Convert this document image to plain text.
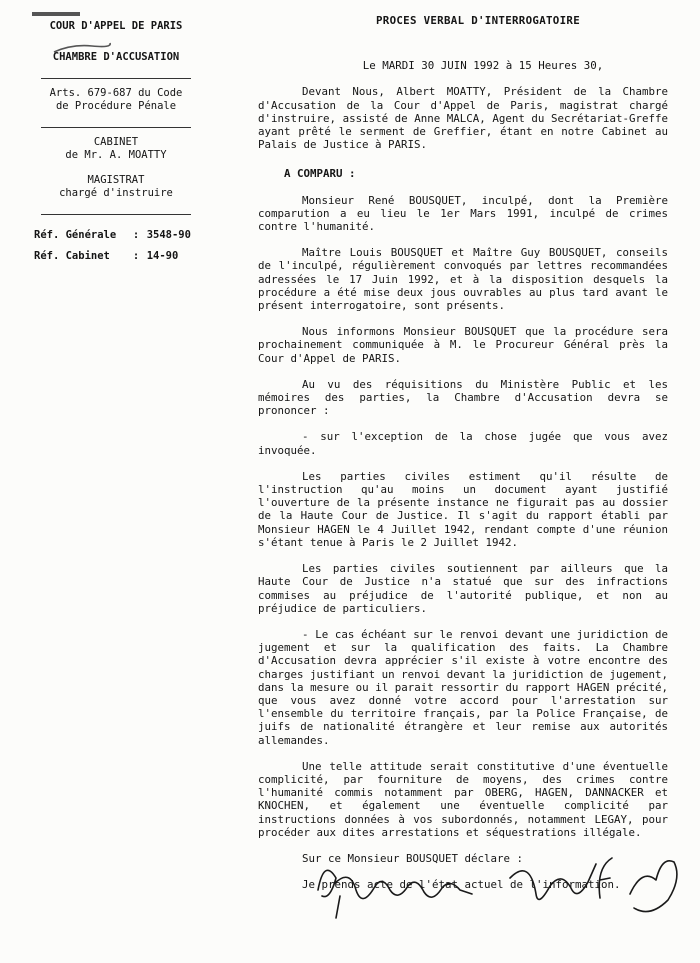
COUR D'APPEL DE PARIS
CHAMBRE D'ACCUSATION
Arts. 679-687 du Code
de Procédure Pénale
CABINET
de Mr. A. MOATTY
MAGISTRAT
chargé d'instruire
Réf. Générale	: 3548-90
Réf. Cabinet	: 14-90
PROCES VERBAL D'INTERROGATOIRE
Le MARDI 30 JUIN 1992 à 15 Heures 30,

Devant Nous, Albert MOATTY, Président de la Chambre d'Accusation de la Cour d'Appel de Paris, magistrat chargé d'instruire, assisté de Anne MALCA, Agent du Secrétariat-Greffe ayant prêté le serment de Greffier, étant en notre Cabinet au Palais de Justice à PARIS.

A COMPARU :

Monsieur René BOUSQUET, inculpé, dont la Première comparution a eu lieu le 1er Mars 1991, inculpé de crimes contre l'humanité.

Maître Louis BOUSQUET et Maître Guy BOUSQUET, conseils de l'inculpé, régulièrement convoqués par lettres recommandées adressées le 17 Juin 1992, et à la disposition desquels la procédure a été mise deux jous ouvrables au plus tard avant le présent interrogatoire, sont présents.

Nous informons Monsieur BOUSQUET que la procédure sera prochainement communiquée à M. le Procureur Général près la Cour d'Appel de PARIS.

Au vu des réquisitions du Ministère Public et les mémoires des parties, la Chambre d'Accusation devra se prononcer :

- sur l'exception de la chose jugée que vous avez invoquée.

Les parties civiles estiment qu'il résulte de l'instruction qu'au moins un document ayant justifié l'ouverture de la présente instance ne figurait pas au dossier de la Haute Cour de Justice. Il s'agit du rapport établi par Monsieur HAGEN le 4 Juillet 1942, rendant compte d'une réunion s'étant tenue à Paris le 2 Juillet 1942.

Les parties civiles soutiennent par ailleurs que la Haute Cour de Justice n'a statué que sur des infractions commises au préjudice de l'autorité publique, et non au préjudice de particuliers.

- Le cas échéant sur le renvoi devant une juridiction de jugement et sur la qualification des faits. La Chambre d'Accusation devra apprécier s'il existe à votre encontre des charges justifiant un renvoi devant la juridiction de jugement, dans la mesure ou il parait ressortir du rapport HAGEN précité, que vous avez donné votre accord pour l'arrestation sur l'ensemble du territoire français, par la Police Française, de juifs de nationalité étrangère et leur remise aux autorités allemandes.

Une telle attitude serait constitutive d'une éventuelle complicité, par fourniture de moyens, des crimes contre l'humanité commis notamment par OBERG, HAGEN, DANNACKER et KNOCHEN, et également une éventuelle complicité par instructions données à vos subordonnés, notamment LEGAY, pour procéder aux dites arrestations et séquestrations illégale.

Sur ce Monsieur BOUSQUET déclare :

Je prends acte de l'état actuel de l'information.
